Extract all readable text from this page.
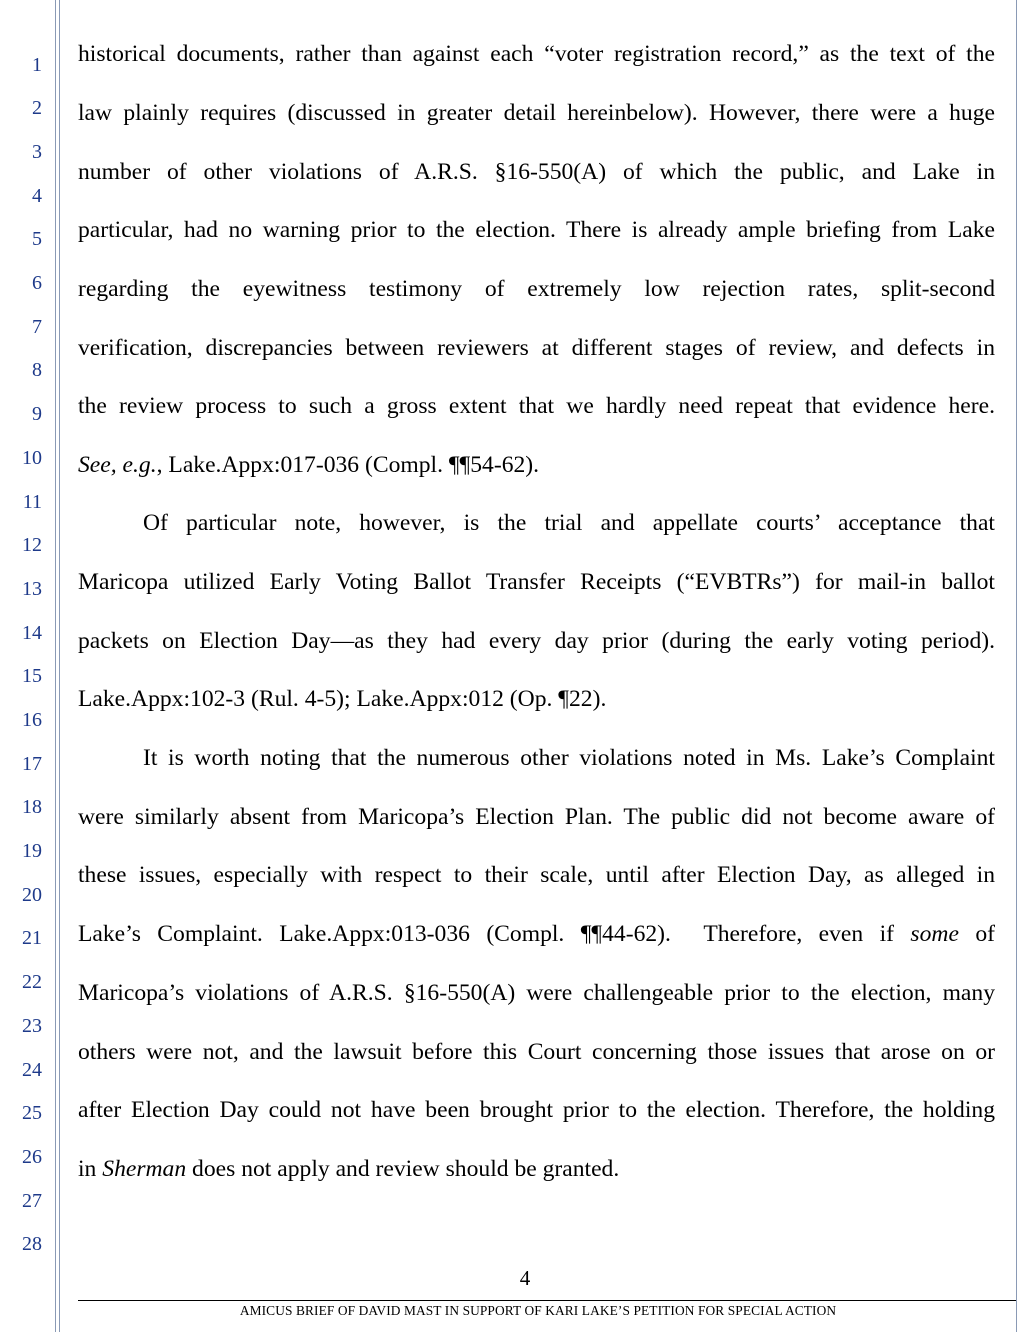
1
2
3
4
5
6
7
8
9
10
11
12
13
14
15
16
17
18
19
20
21
22
23
24
25
26
27
28
historical documents, rather than against each “voter registration record,” as the text of the
law plainly requires (discussed in greater detail hereinbelow). However, there were a huge
number of other violations of A.R.S. §16-550(A) of which the public, and Lake in
particular, had no warning prior to the election. There is already ample briefing from Lake
regarding the eyewitness testimony of extremely low rejection rates, split-second
verification, discrepancies between reviewers at different stages of review, and defects in
the review process to such a gross extent that we hardly need repeat that evidence here.
See, e.g., Lake.Appx:017-036 (Compl. ¶¶54-62).
Of particular note, however, is the trial and appellate courts’ acceptance that
Maricopa utilized Early Voting Ballot Transfer Receipts (“EVBTRs”) for mail-in ballot
packets on Election Day—as they had every day prior (during the early voting period).
Lake.Appx:102-3 (Rul. 4-5); Lake.Appx:012 (Op. ¶22).
It is worth noting that the numerous other violations noted in Ms. Lake’s Complaint
were similarly absent from Maricopa’s Election Plan. The public did not become aware of
these issues, especially with respect to their scale, until after Election Day, as alleged in
Lake’s Complaint. Lake.Appx:013-036 (Compl. ¶¶44-62).  Therefore, even if some of
Maricopa’s violations of A.R.S. §16-550(A) were challengeable prior to the election, many
others were not, and the lawsuit before this Court concerning those issues that arose on or
after Election Day could not have been brought prior to the election. Therefore, the holding
in Sherman does not apply and review should be granted.
4
AMICUS BRIEF OF DAVID MAST IN SUPPORT OF KARI LAKE’S PETITION FOR SPECIAL ACTION
